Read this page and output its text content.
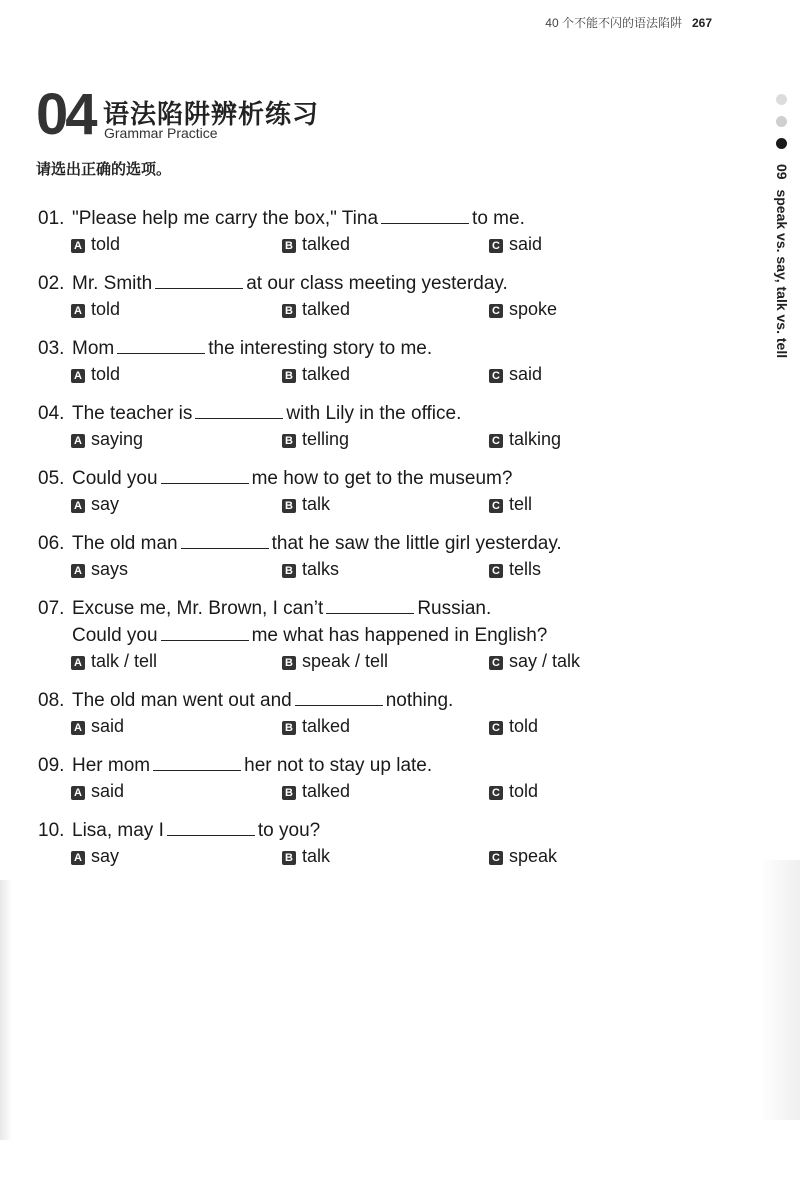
40 个不能不闪的语法陷阱 267
04 语法陷阱辨析练习
Grammar Practice
请选出正确的选项。	09 speak vs. say, talk vs. tell
01. "Please help me carry the box," Tina	to me.
A told	B talked	C said
02. Mr. Smith	at our class meeting yesterday.
A told	B talked	C spoke
03. Mom	the interesting story to me.
A told	B talked	C said
04. The teacher is	with Lily in the office.
A saying	B telling	C talking
05. Could you	me how to get to the museum?
A say	B talk	C tell
06. The old man	that he saw the little girl yesterday.
A says	B talks	C tells
07. Excuse me, Mr. Brown, I can’t	Russian.
Could you	me what has happened in English?
A talk / tell	B speak / tell	C say / talk
08. The old man went out and	nothing.
A said	B talked	C told
09. Her mom	her not to stay up late.
A said	B talked	C told
10. Lisa, may I	to you?
A say	B talk	C speak
